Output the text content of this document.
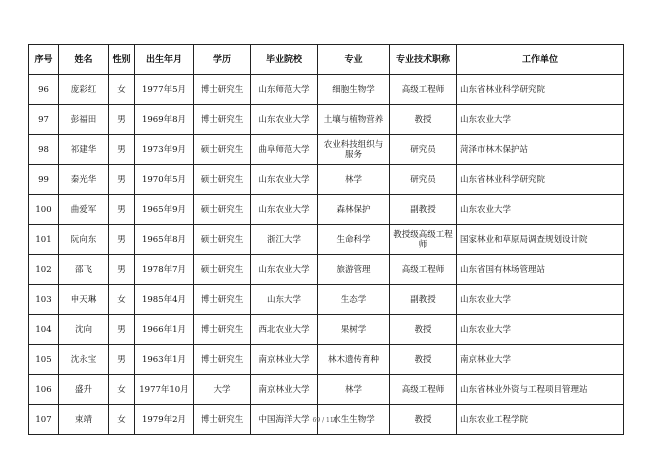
序号	姓名	性别	出生年月	学历	毕业院校	专业	专业技术职称	工作单位
96	庞彩红	女	1977年5月	博士研究生	山东师范大学	细胞生物学	高级工程师	山东省林业科学研究院
97	彭福田	男	1969年8月	博士研究生	山东农业大学	土壤与植物营养	教授	山东农业大学
98	祁建华	男	1973年9月	硕士研究生	曲阜师范大学	农业科技组织与服务	研究员	菏泽市林木保护站
99	秦光华	男	1970年5月	硕士研究生	山东农业大学	林学	研究员	山东省林业科学研究院
100	曲爱军	男	1965年9月	硕士研究生	山东农业大学	森林保护	副教授	山东农业大学
101	阮向东	男	1965年8月	硕士研究生	浙江大学	生命科学	教授级高级工程师	国家林业和草原局调查规划设计院
102	邵飞	男	1978年7月	硕士研究生	山东农业大学	旅游管理	高级工程师	山东省国有林场管理站
103	申天琳	女	1985年4月	博士研究生	山东大学	生态学	副教授	山东农业大学
104	沈向	男	1966年1月	博士研究生	西北农业大学	果树学	教授	山东农业大学
105	沈永宝	男	1963年1月	博士研究生	南京林业大学	林木遗传育种	教授	南京林业大学
106	盛升	女	1977年10月	大学	南京林业大学	林学	高级工程师	山东省林业外资与工程项目管理站
107	束靖	女	1979年2月	博士研究生	中国海洋大学	水生生物学	教授	山东农业工程学院
69 / 111
